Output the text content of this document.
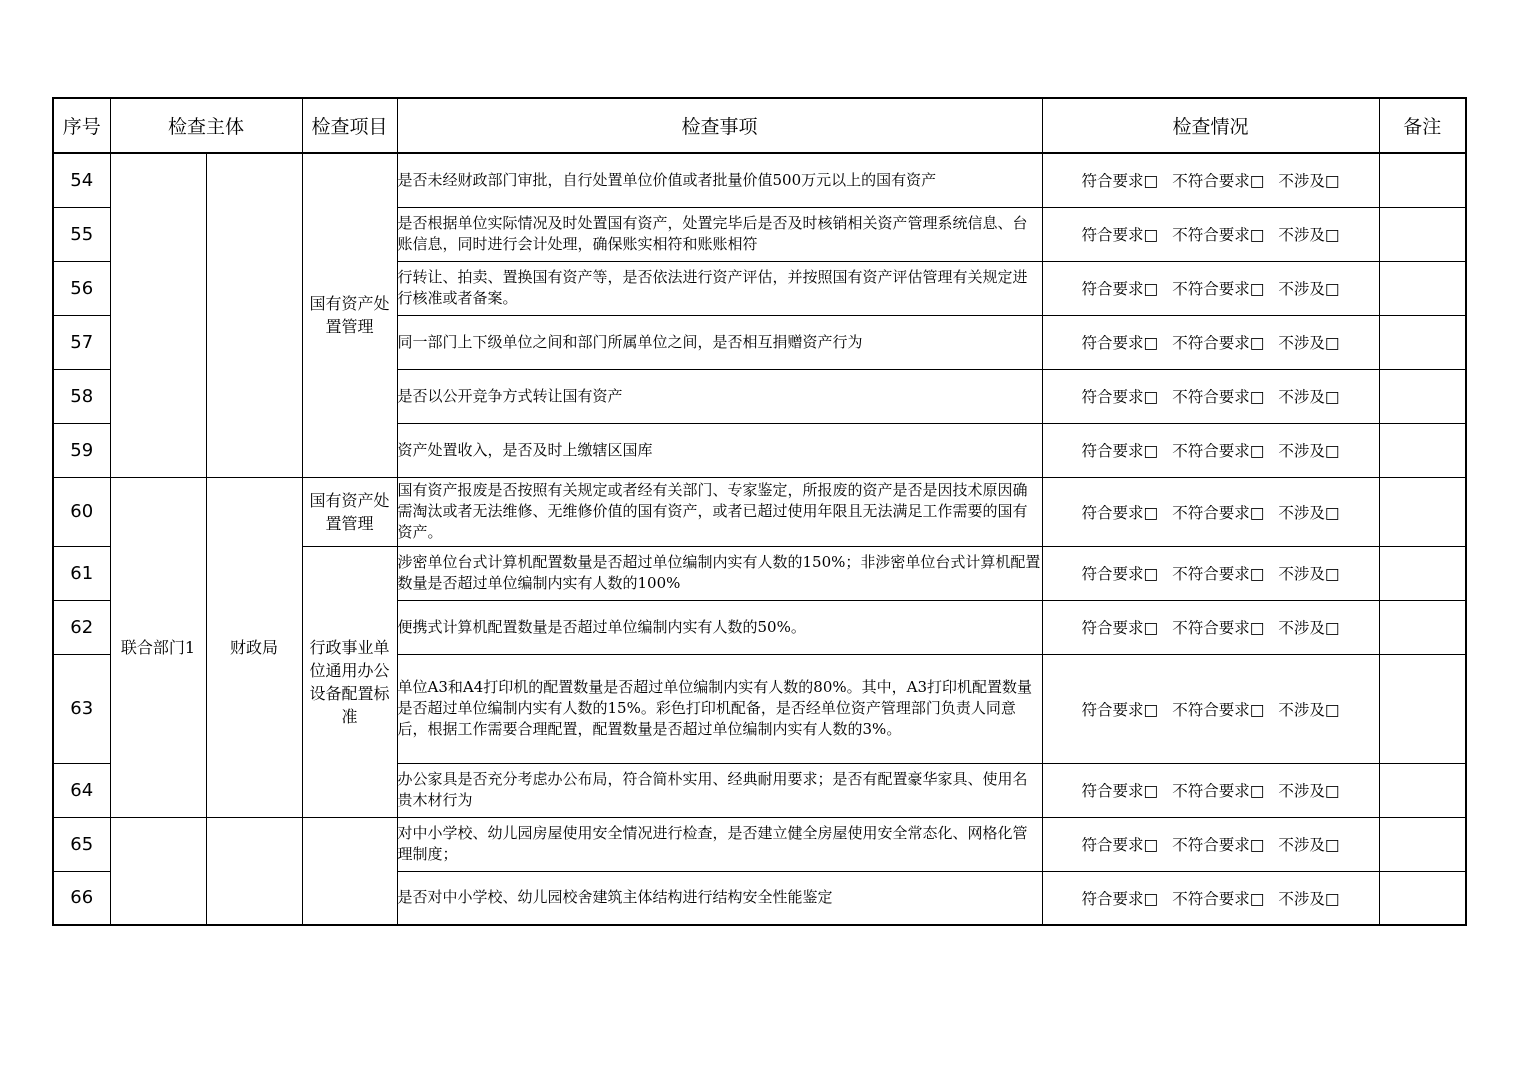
序号	检查主体		检查项目	检查事项	检查情况	备注
54			国有资产处置管理	是否未经财政部门审批，自行处置单位价值或者批量价值500万元以上的国有资产	符合要求□ 不符合要求□ 不涉及□	
55				是否根据单位实际情况及时处置国有资产，处置完毕后是否及时核销相关资产管理系统信息、台账信息，同时进行会计处理，确保账实相符和账账相符	符合要求□ 不符合要求□ 不涉及□	
56				行转让、拍卖、置换国有资产等，是否依法进行资产评估，并按照国有资产评估管理有关规定进行核准或者备案。	符合要求□ 不符合要求□ 不涉及□	
57				同一部门上下级单位之间和部门所属单位之间，是否相互捐赠资产行为	符合要求□ 不符合要求□ 不涉及□	
58				是否以公开竞争方式转让国有资产	符合要求□ 不符合要求□ 不涉及□	
59				资产处置收入，是否及时上缴辖区国库	符合要求□ 不符合要求□ 不涉及□	
60	联合部门1	财政局	国有资产处置管理	国有资产报废是否按照有关规定或者经有关部门、专家鉴定，所报废的资产是否是因技术原因确需淘汰或者无法维修、无维修价值的国有资产，或者已超过使用年限且无法满足工作需要的国有资产。	符合要求□ 不符合要求□ 不涉及□	
61			行政事业单位通用办公设备配置标准	涉密单位台式计算机配置数量是否超过单位编制内实有人数的150%；非涉密单位台式计算机配置数量是否超过单位编制内实有人数的100%	符合要求□ 不符合要求□ 不涉及□	
62				便携式计算机配置数量是否超过单位编制内实有人数的50%。	符合要求□ 不符合要求□ 不涉及□	
63				单位A3和A4打印机的配置数量是否超过单位编制内实有人数的80%。其中，A3打印机配置数量是否超过单位编制内实有人数的15%。彩色打印机配备，是否经单位资产管理部门负责人同意后，根据工作需要合理配置，配置数量是否超过单位编制内实有人数的3%。	符合要求□ 不符合要求□ 不涉及□	
64				办公家具是否充分考虑办公布局，符合简朴实用、经典耐用要求；是否有配置豪华家具、使用名贵木材行为	符合要求□ 不符合要求□ 不涉及□	
65				对中小学校、幼儿园房屋使用安全情况进行检查，是否建立健全房屋使用安全常态化、网格化管理制度；	符合要求□ 不符合要求□ 不涉及□	
66				是否对中小学校、幼儿园校舍建筑主体结构进行结构安全性能鉴定	符合要求□ 不符合要求□ 不涉及□	
